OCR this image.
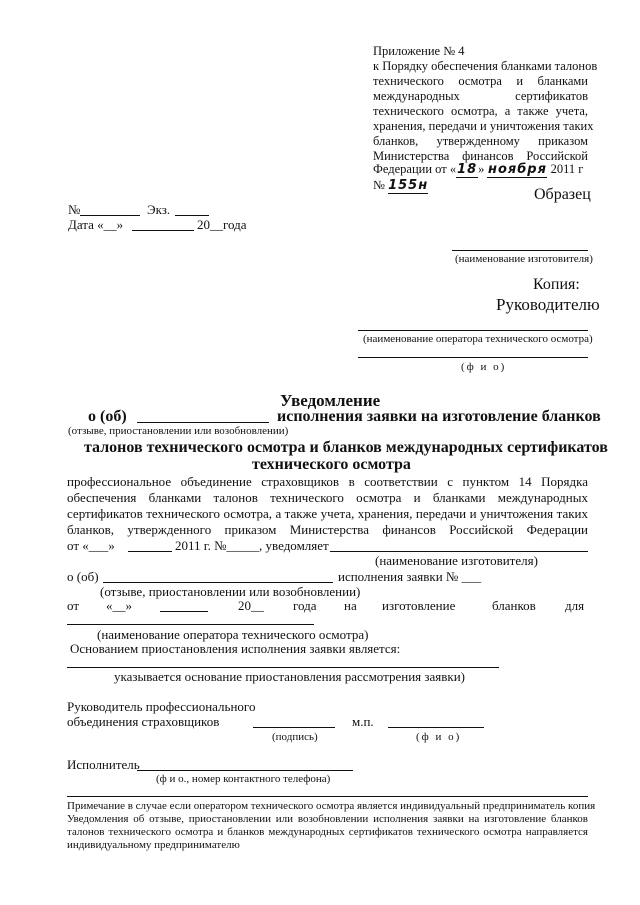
Приложение № 4
к Порядку обеспечения бланками талонов
технического осмотра и бланками
международных сертификатов
технического осмотра, а также учета,
хранения, передачи и уничтожения таких
бланков, утвержденному приказом
Министерства финансов Российской
Федерации от «18» ноября 2011 г
№ 155н
Образец
№	Экз.
Дата «__»	20__года
(наименование изготовителя)
Копия:
Руководителю
(наименование оператора технического осмотра)
(ф и о)
Уведомление
о (об)	исполнения заявки на изготовление бланков
(отзыве, приостановлении или возобновлении)
талонов технического осмотра и бланков международных сертификатов
технического осмотра
профессиональное объединение страховщиков в соответствии с пунктом 14 Порядка
обеспечения бланками талонов технического осмотра и бланками международных
сертификатов технического осмотра, а также учета, хранения, передачи и уничтожения таких
бланков, утвержденного приказом Министерства финансов Российской Федерации
от «___»	2011 г. №_____, уведомляет
(наименование изготовителя)
о (об)	исполнения заявки № ___
(отзыве, приостановлении или возобновлении)
от «__»	20__ года на изготовление	бланков для
(наименование оператора технического осмотра)
Основанием приостановления исполнения заявки является:
указывается основание приостановления рассмотрения заявки)
Руководитель профессионального
объединения страховщиков	м.п.
(подпись)	(ф и о)
Исполнитель
(ф и о., номер контактного телефона)
Примечание в случае если оператором технического осмотра является индивидуальный предприниматель копия
Уведомления об отзыве, приостановлении или возобновлении исполнения заявки на изготовление бланков
талонов технического осмотра и бланков международных сертификатов технического осмотра направляется
индивидуальному предпринимателю
